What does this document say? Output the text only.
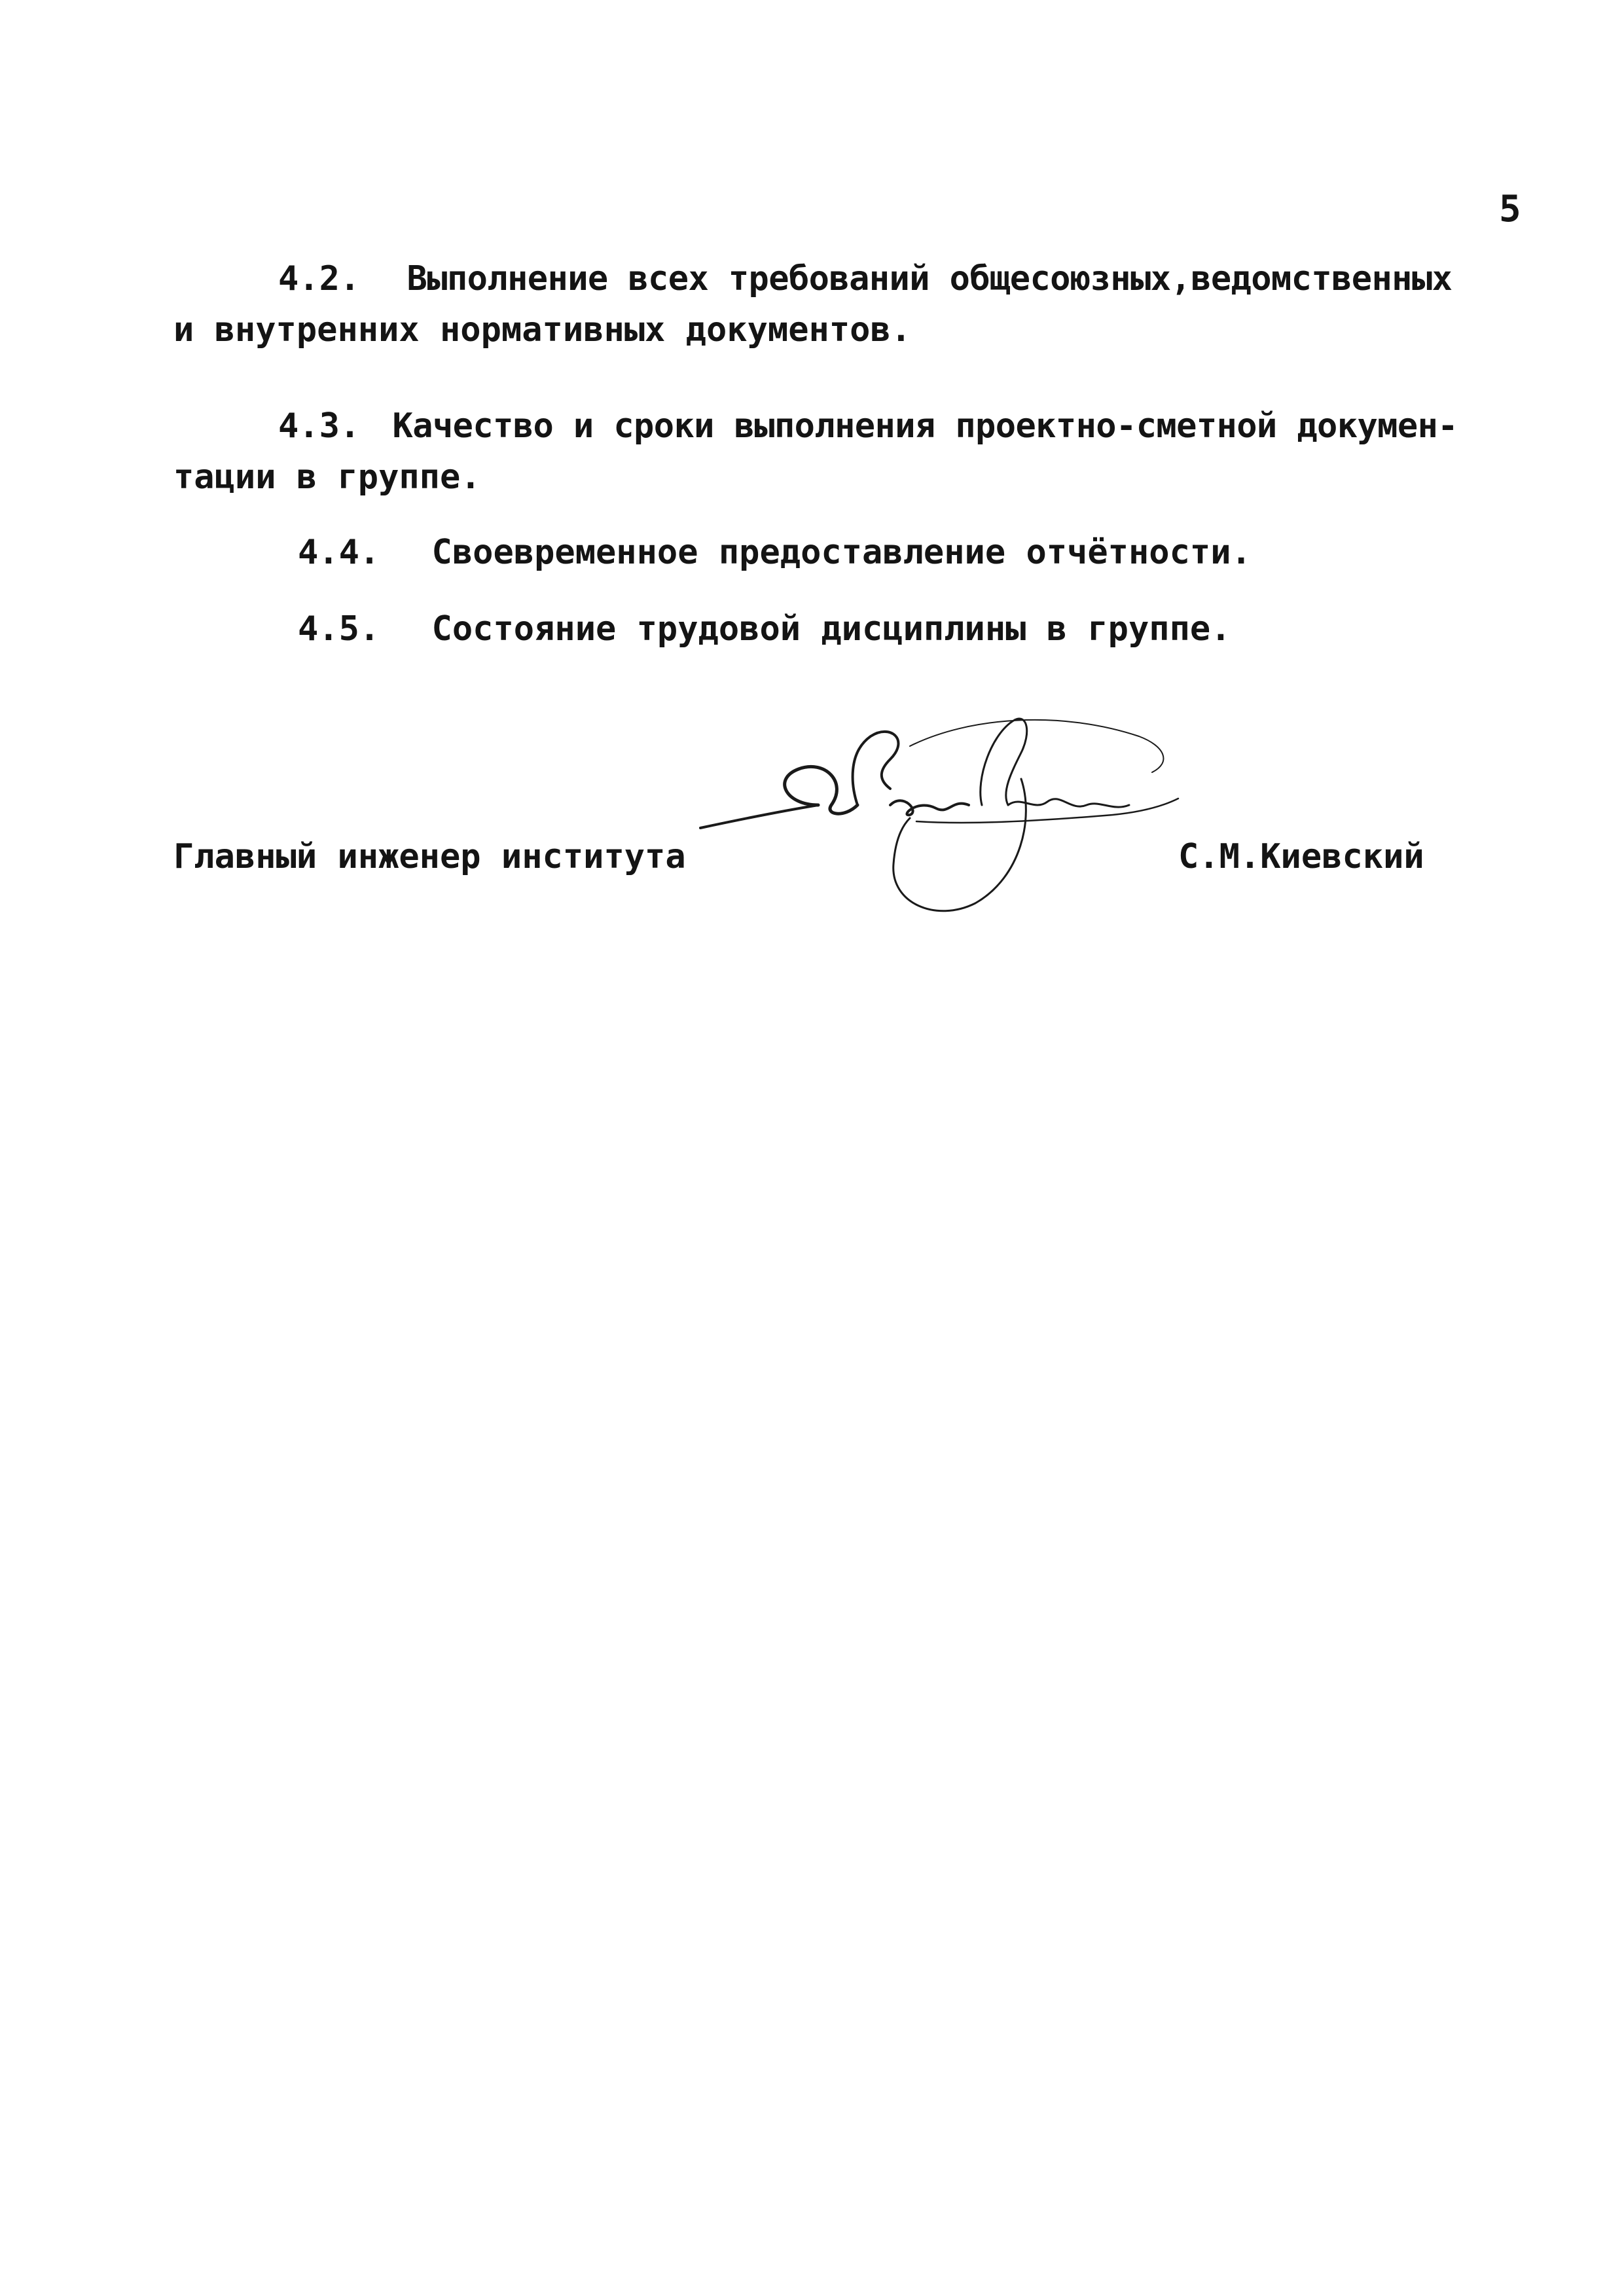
5
4.2. Выполнение всех требований общесоюзных,ведомственных
и внутренних нормативных документов.
4.3. Качество и сроки выполнения проектно-сметной докумен-
тации в группе.
4.4. Своевременное предоставление отчётности.
4.5. Состояние трудовой дисциплины в группе.
Главный инженер института	С.М.Киевский
